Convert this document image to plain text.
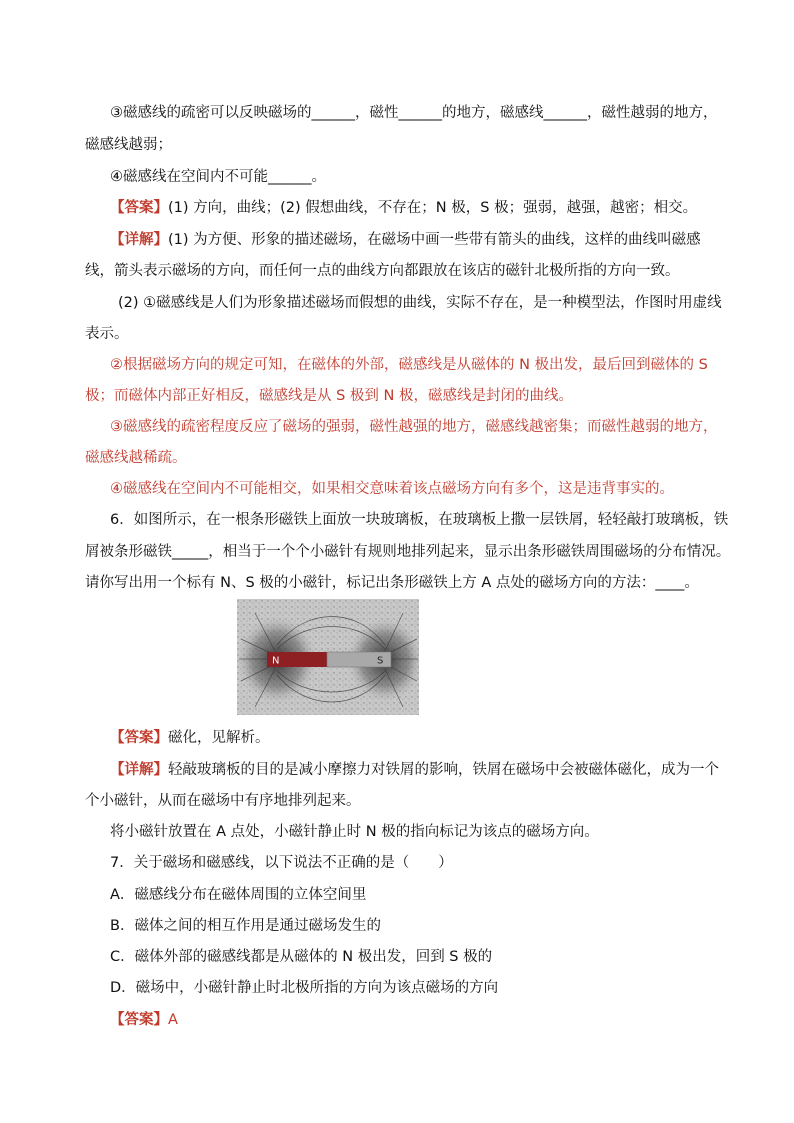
③磁感线的疏密可以反映磁场的______，磁性______的地方，磁感线______，磁性越弱的地方，
磁感线越弱；
④磁感线在空间内不可能______。
【答案】(1) 方向，曲线；(2) 假想曲线，不存在；N 极，S 极；强弱，越强，越密；相交。
【详解】(1) 为方便、形象的描述磁场，在磁场中画一些带有箭头的曲线，这样的曲线叫磁感
线，箭头表示磁场的方向，而任何一点的曲线方向都跟放在该店的磁针北极所指的方向一致。
(2) ①磁感线是人们为形象描述磁场而假想的曲线，实际不存在，是一种模型法，作图时用虚线
表示。
②根据磁场方向的规定可知，在磁体的外部，磁感线是从磁体的 N 极出发，最后回到磁体的 S
极；而磁体内部正好相反，磁感线是从 S 极到 N 极，磁感线是封闭的曲线。
③磁感线的疏密程度反应了磁场的强弱，磁性越强的地方，磁感线越密集；而磁性越弱的地方，
磁感线越稀疏。
④磁感线在空间内不可能相交，如果相交意味着该点磁场方向有多个，这是违背事实的。
6．如图所示，在一根条形磁铁上面放一块玻璃板，在玻璃板上撒一层铁屑，轻轻敲打玻璃板，铁
屑被条形磁铁_____，相当于一个个小磁针有规则地排列起来，显示出条形磁铁周围磁场的分布情况。
请你写出用一个标有 N、S 极的小磁针，标记出条形磁铁上方 A 点处的磁场方向的方法：____。
N	S
【答案】磁化，见解析。
【详解】轻敲玻璃板的目的是减小摩擦力对铁屑的影响，铁屑在磁场中会被磁体磁化，成为一个
个小磁针，从而在磁场中有序地排列起来。
将小磁针放置在 A 点处，小磁针静止时 N 极的指向标记为该点的磁场方向。
7．关于磁场和磁感线，以下说法不正确的是（　　）
A．磁感线分布在磁体周围的立体空间里
B．磁体之间的相互作用是通过磁场发生的
C．磁体外部的磁感线都是从磁体的 N 极出发，回到 S 极的
D．磁场中，小磁针静止时北极所指的方向为该点磁场的方向
【答案】A
